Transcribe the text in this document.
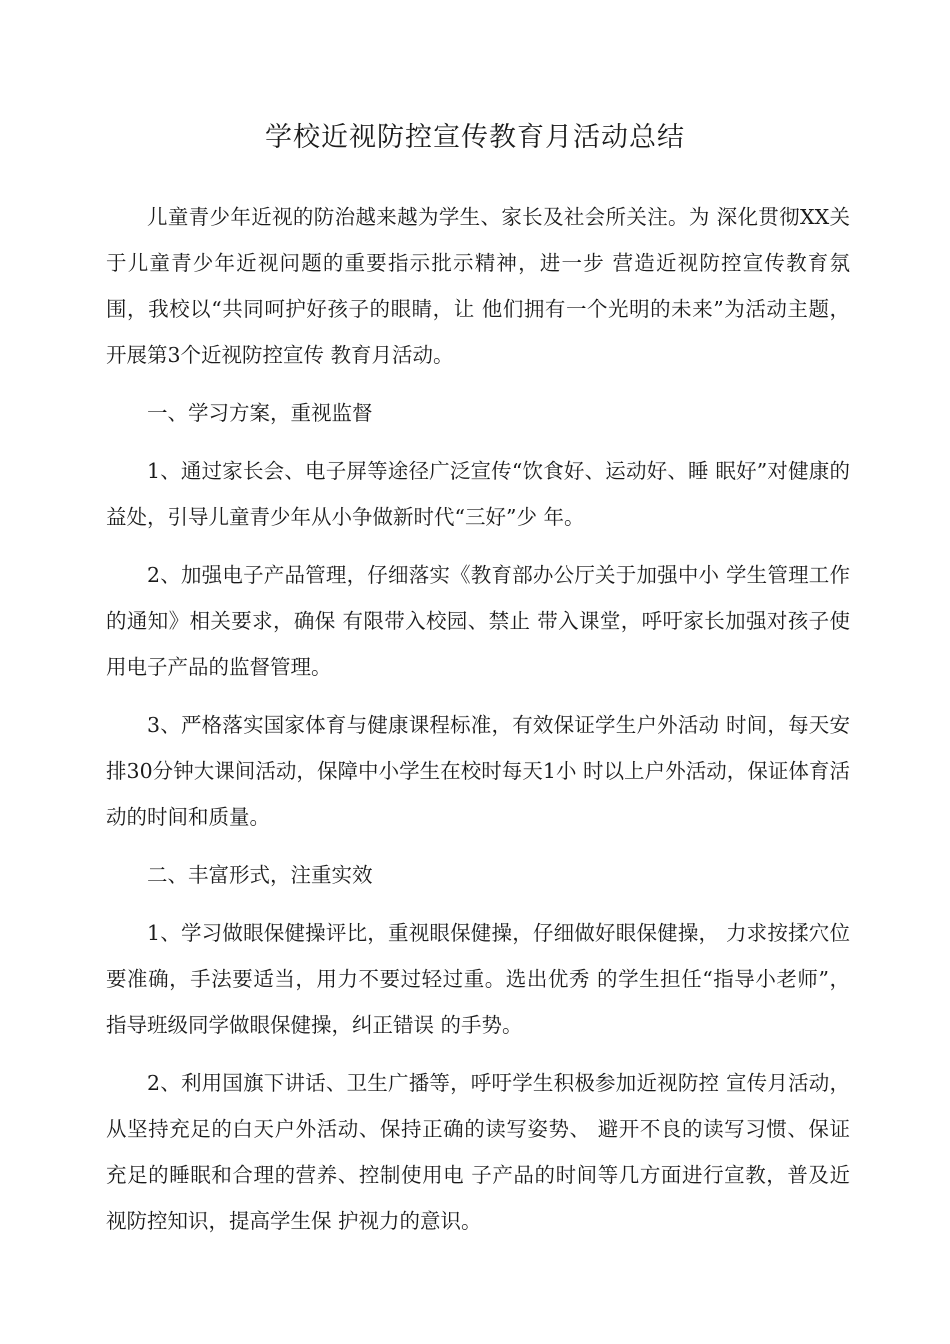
学校近视防控宣传教育月活动总结

儿童青少年近视的防治越来越为学生、家长及社会所关注。为 深化贯彻XX关于儿童青少年近视问题的重要指示批示精神，进一步 营造近视防控宣传教育氛围，我校以“共同呵护好孩子的眼睛，让 他们拥有一个光明的未来”为活动主题，开展第3个近视防控宣传 教育月活动。

一、学习方案，重视监督

1、通过家长会、电子屏等途径广泛宣传“饮食好、运动好、睡 眠好”对健康的益处，引导儿童青少年从小争做新时代“三好”少 年。

2、加强电子产品管理，仔细落实《教育部办公厅关于加强中小 学生管理工作的通知》相关要求，确保 有限带入校园、禁止 带入课堂，呼吁家长加强对孩子使用电子产品的监督管理。

3、严格落实国家体育与健康课程标准，有效保证学生户外活动 时间，每天安排30分钟大课间活动，保障中小学生在校时每天1小 时以上户外活动，保证体育活动的时间和质量。

二、丰富形式，注重实效

1、学习做眼保健操评比，重视眼保健操，仔细做好眼保健操， 力求按揉穴位要准确，手法要适当，用力不要过轻过重。选出优秀 的学生担任“指导小老师”，指导班级同学做眼保健操，纠正错误 的手势。

2、利用国旗下讲话、卫生广播等，呼吁学生积极参加近视防控 宣传月活动，从坚持充足的白天户外活动、保持正确的读写姿势、 避开不良的读写习惯、保证充足的睡眠和合理的营养、控制使用电 子产品的时间等几方面进行宣教，普及近视防控知识，提高学生保 护视力的意识。
